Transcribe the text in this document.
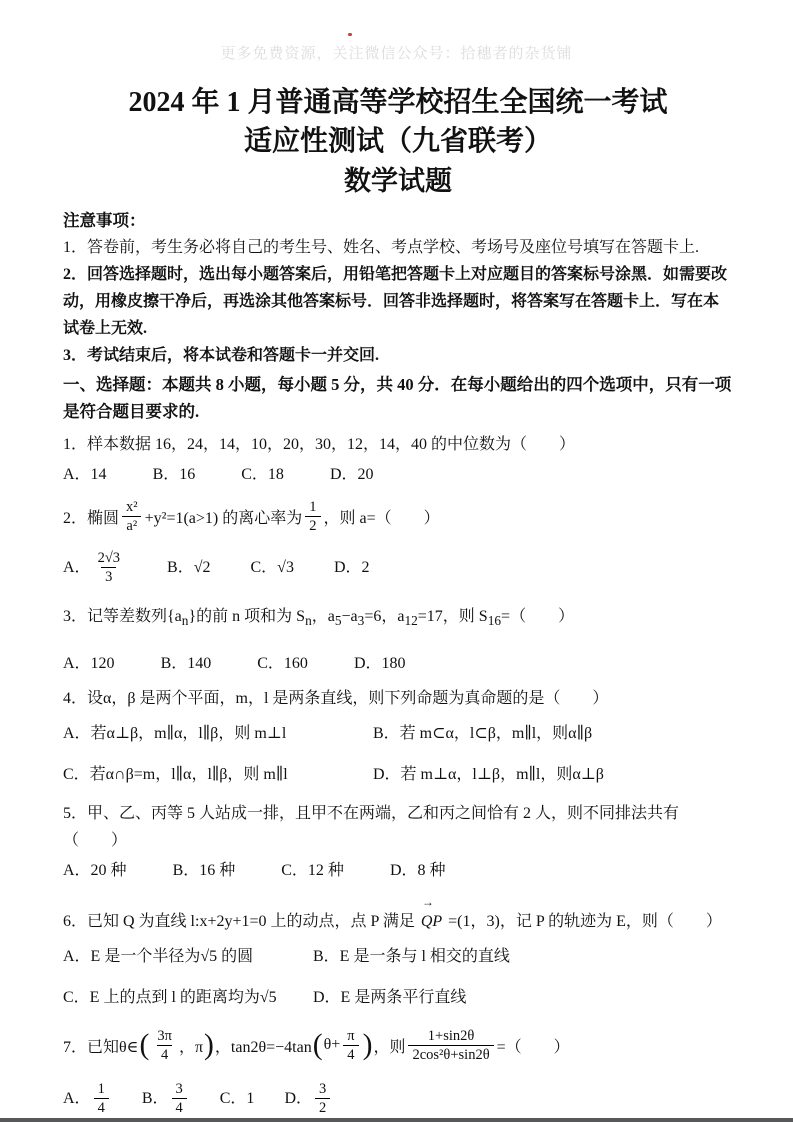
更多免费资源，关注微信公众号：拾穗者的杂货铺
2024 年 1 月普通高等学校招生全国统一考试
适应性测试（九省联考）
数学试题
注意事项：
1．答卷前，考生务必将自己的考生号、姓名、考点学校、考场号及座位号填写在答题卡上.
2．回答选择题时，选出每小题答案后，用铅笔把答题卡上对应题目的答案标号涂黑．如需要改动，用橡皮擦干净后，再选涂其他答案标号．回答非选择题时，将答案写在答题卡上．写在本试卷上无效.
3．考试结束后，将本试卷和答题卡一并交回.
一、选择题：本题共 8 小题，每小题 5 分，共 40 分．在每小题给出的四个选项中，只有一项是符合题目要求的.
1．样本数据 16，24，14，10，20，30，12，14，40 的中位数为（　　）
A．14	B．16	C．18	D．20
2．椭圆 $\frac{\text{x²}}{\text{a²}} +y^2=1(a>1)$ 的离心率为 $\frac{1}{2}$ ，则 a=（　　）
A． $\frac{2√3}{3}$	B．√2	C．√3	D．2
3．记等差数列$\{a_n\}$的前 n 项和为 $S_n$，$a_5-a_3=6$，$a_{12}=17$，则 $S_{16}=$（　　）
A．120	B．140	C．160	D．180
4．设α，β 是两个平面，m，l 是两条直线，则下列命题为真命题的是（　　）
A．若α⊥β，m∥α，l∥β，则 m⊥l	B．若 m⊂α，l⊂β，m∥l，则α∥β
C．若α∩β=m，l∥α，l∥β，则 m∥l	D．若 m⊥α，l⊥β，m∥l，则α⊥β
5．甲、乙、丙等 5 人站成一排，且甲不在两端，乙和丙之间恰有 2 人，则不同排法共有（　　）
A．20 种	B．16 种	C．12 种	D．8 种
6．已知 Q 为直线 l:x+2y+1=0 上的动点，点 P 满足
→
QP =(1，3)，记 P 的轨迹为 E，则（　　）
A．E 是一个半径为√5 的圆	B．E 是一条与 l 相交的直线
C．E 上的点到 l 的距离均为√5	D．E 是两条平行直线
7．已知θ∈ ( $\frac{3\pi}{4}$ ，π ) ，tan2θ=−4tan ( $\theta+ \frac{\pi}{4}$ ) ，则 $\frac{1+\sin 2\theta}{\text{2cos²θ+sin2θ}}$ =（　　）
A． $\frac{1}{4}$ B． $\frac{3}{4}$ C．1 D． $\frac{3}{2}$
